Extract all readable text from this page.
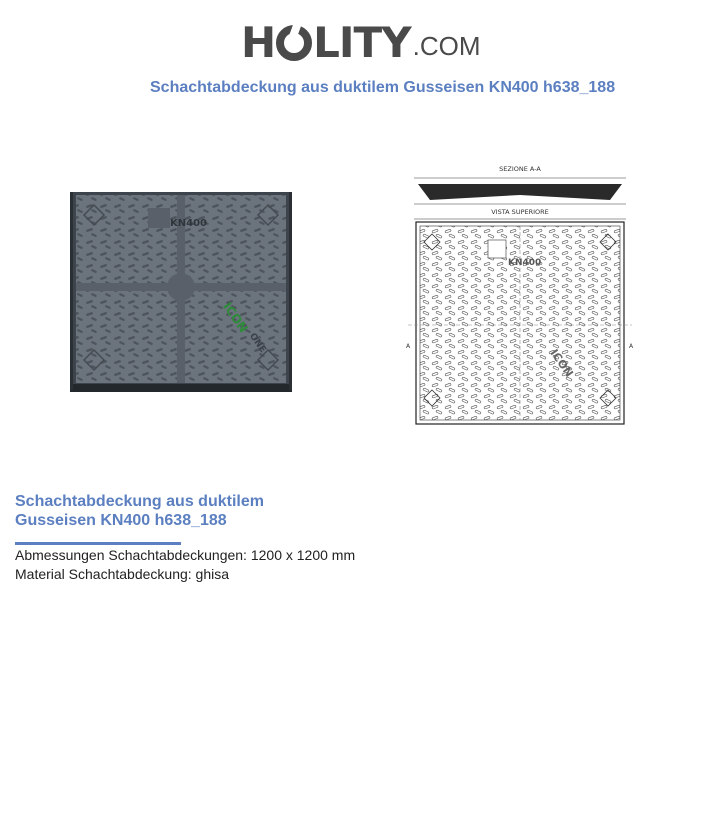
H LITY .COM
Schachtabdeckung aus duktilem Gusseisen KN400 h638_188
KN400
ICON
ONE
SEZIONE A-A
VISTA SUPERIORE
KN400
ICON
A	A
Schachtabdeckung aus duktilem
Gusseisen KN400 h638_188
Abmessungen Schachtabdeckungen: 1200 x 1200 mm
Material Schachtabdeckung: ghisa
